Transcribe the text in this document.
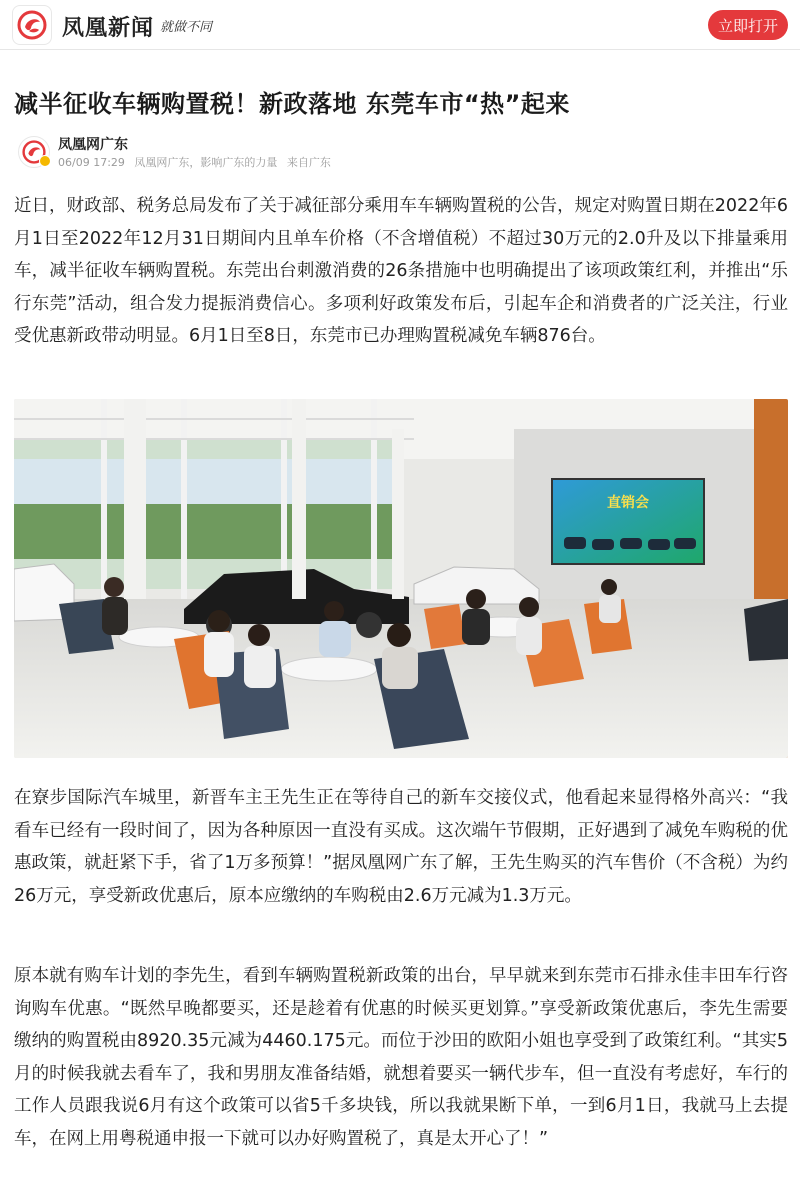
凤凰新闻 就做不同	立即打开
减半征收车辆购置税！新政落地 东莞车市“热”起来
凤凰网广东
06/09 17:29 凤凰网广东，影响广东的力量 来自广东

近日，财政部、税务总局发布了关于减征部分乘用车车辆购置税的公告，规定对购置日期在2022年6月1日至2022年12月31日期间内且单车价格（不含增值税）不超过30万元的2.0升及以下排量乘用车，减半征收车辆购置税。东莞出台刺激消费的26条措施中也明确提出了该项政策红利，并推出“乐行东莞”活动，组合发力提振消费信心。多项利好政策发布后，引起车企和消费者的广泛关注，行业受优惠新政带动明显。6月1日至8日，东莞市已办理购置税减免车辆876台。

直销会

在寮步国际汽车城里，新晋车主王先生正在等待自己的新车交接仪式，他看起来显得格外高兴：“我看车已经有一段时间了，因为各种原因一直没有买成。这次端午节假期，正好遇到了减免车购税的优惠政策，就赶紧下手，省了1万多预算！”据凤凰网广东了解，王先生购买的汽车售价（不含税）为约26万元，享受新政优惠后，原本应缴纳的车购税由2.6万元减为1.3万元。

原本就有购车计划的李先生，看到车辆购置税新政策的出台，早早就来到东莞市石排永佳丰田车行咨询购车优惠。“既然早晚都要买，还是趁着有优惠的时候买更划算。”享受新政策优惠后，李先生需要缴纳的购置税由8920.35元减为4460.175元。而位于沙田的欧阳小姐也享受到了政策红利。“其实5月的时候我就去看车了，我和男朋友准备结婚，就想着要买一辆代步车，但一直没有考虑好，车行的工作人员跟我说6月有这个政策可以省5千多块钱，所以我就果断下单，一到6月1日，我就马上去提车，在网上用粤税通申报一下就可以办好购置税了，真是太开心了！”
